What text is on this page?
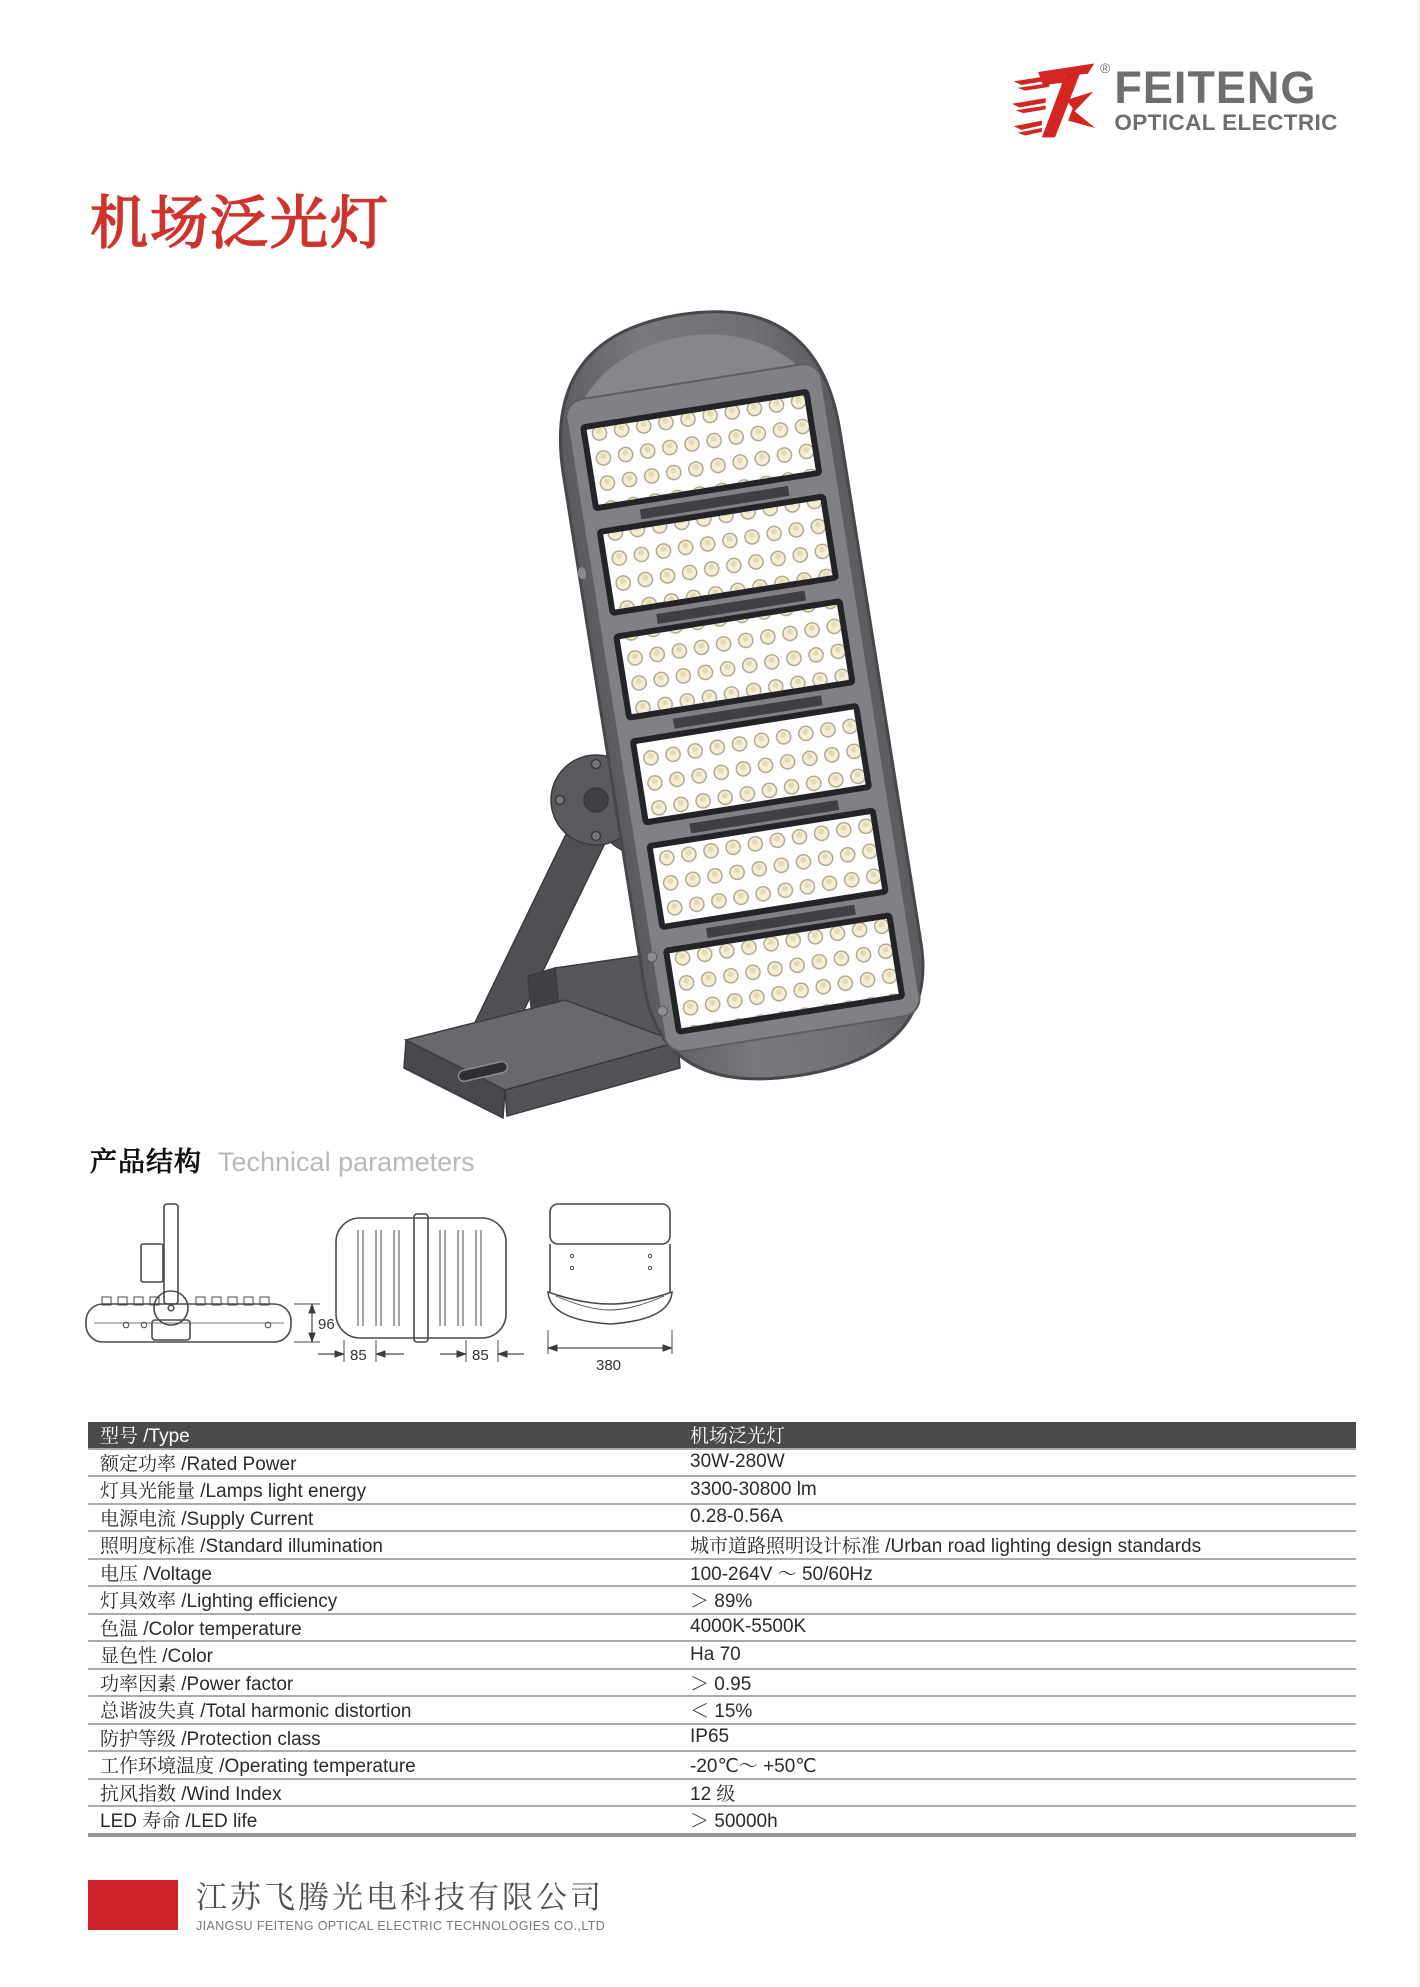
® FEITENG
OPTICAL ELECTRIC
机场泛光灯
产品结构 Technical parameters
96
85	85
380
型号 /Type	机场泛光灯
额定功率 /Rated Power	30W-280W
灯具光能量 /Lamps light energy	3300-30800 lm
电源电流 /Supply Current	0.28-0.56A
照明度标准 /Standard illumination	城市道路照明设计标准 /Urban road lighting design standards
电压 /Voltage	100-264V ～ 50/60Hz
灯具效率 /Lighting efficiency	＞ 89%
色温 /Color temperature	4000K-5500K
显色性 /Color	Ha 70
功率因素 /Power factor	＞ 0.95
总谐波失真 /Total harmonic distortion	＜ 15%
防护等级 /Protection class	IP65
工作环境温度 /Operating temperature	-20℃～ +50℃
抗风指数 /Wind Index	12 级
LED 寿命 /LED life	＞ 50000h
江苏飞腾光电科技有限公司
JIANGSU FEITENG OPTICAL ELECTRIC TECHNOLOGIES CO.,LTD
